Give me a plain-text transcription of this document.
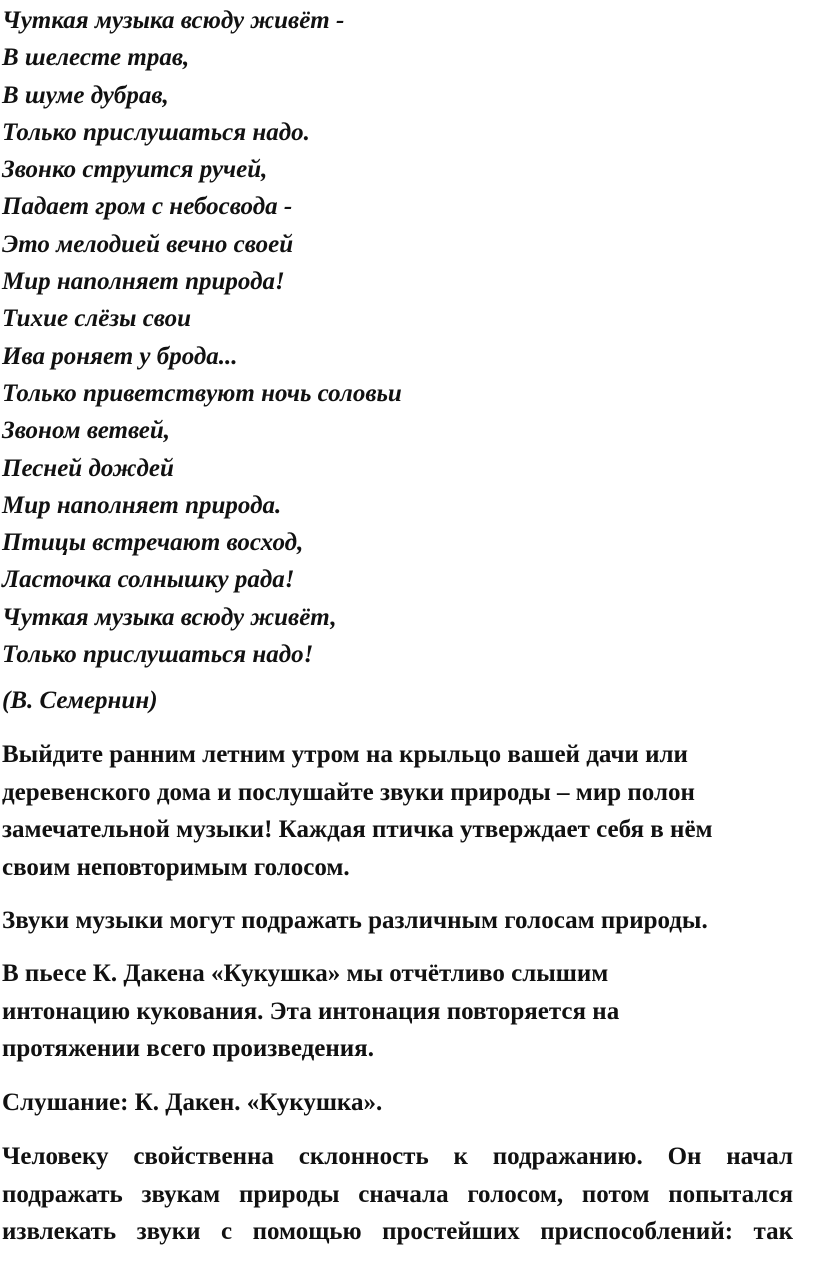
Чуткая музыка всюду живёт -
В шелесте трав,
В шуме дубрав,
Только прислушаться надо.
Звонко струится ручей,
Падает гром с небосвода -
Это мелодией вечно своей
Мир наполняет природа!
Тихие слёзы свои
Ива роняет у брода...
Только приветствуют ночь соловьи
Звоном ветвей,
Песней дождей
Мир наполняет природа.
Птицы встречают восход,
Ласточка солнышку рада!
Чуткая музыка всюду живёт,
Только прислушаться надо!
(В. Семернин)
Выйдите ранним летним утром на крыльцо вашей дачи или
деревенского дома и послушайте звуки природы – мир полон
замечательной музыки! Каждая птичка утверждает себя в нём
своим неповторимым голосом.
Звуки музыки могут подражать различным голосам природы.
В пьесе К. Дакена «Кукушка» мы отчётливо слышим
интонацию кукования. Эта интонация повторяется на
протяжении всего произведения.
Слушание: К. Дакен. «Кукушка».
Человеку свойственна склонность к подражанию. Он начал
подражать звукам природы сначала голосом, потом попытался
извлекать звуки с помощью простейших приспособлений: так
